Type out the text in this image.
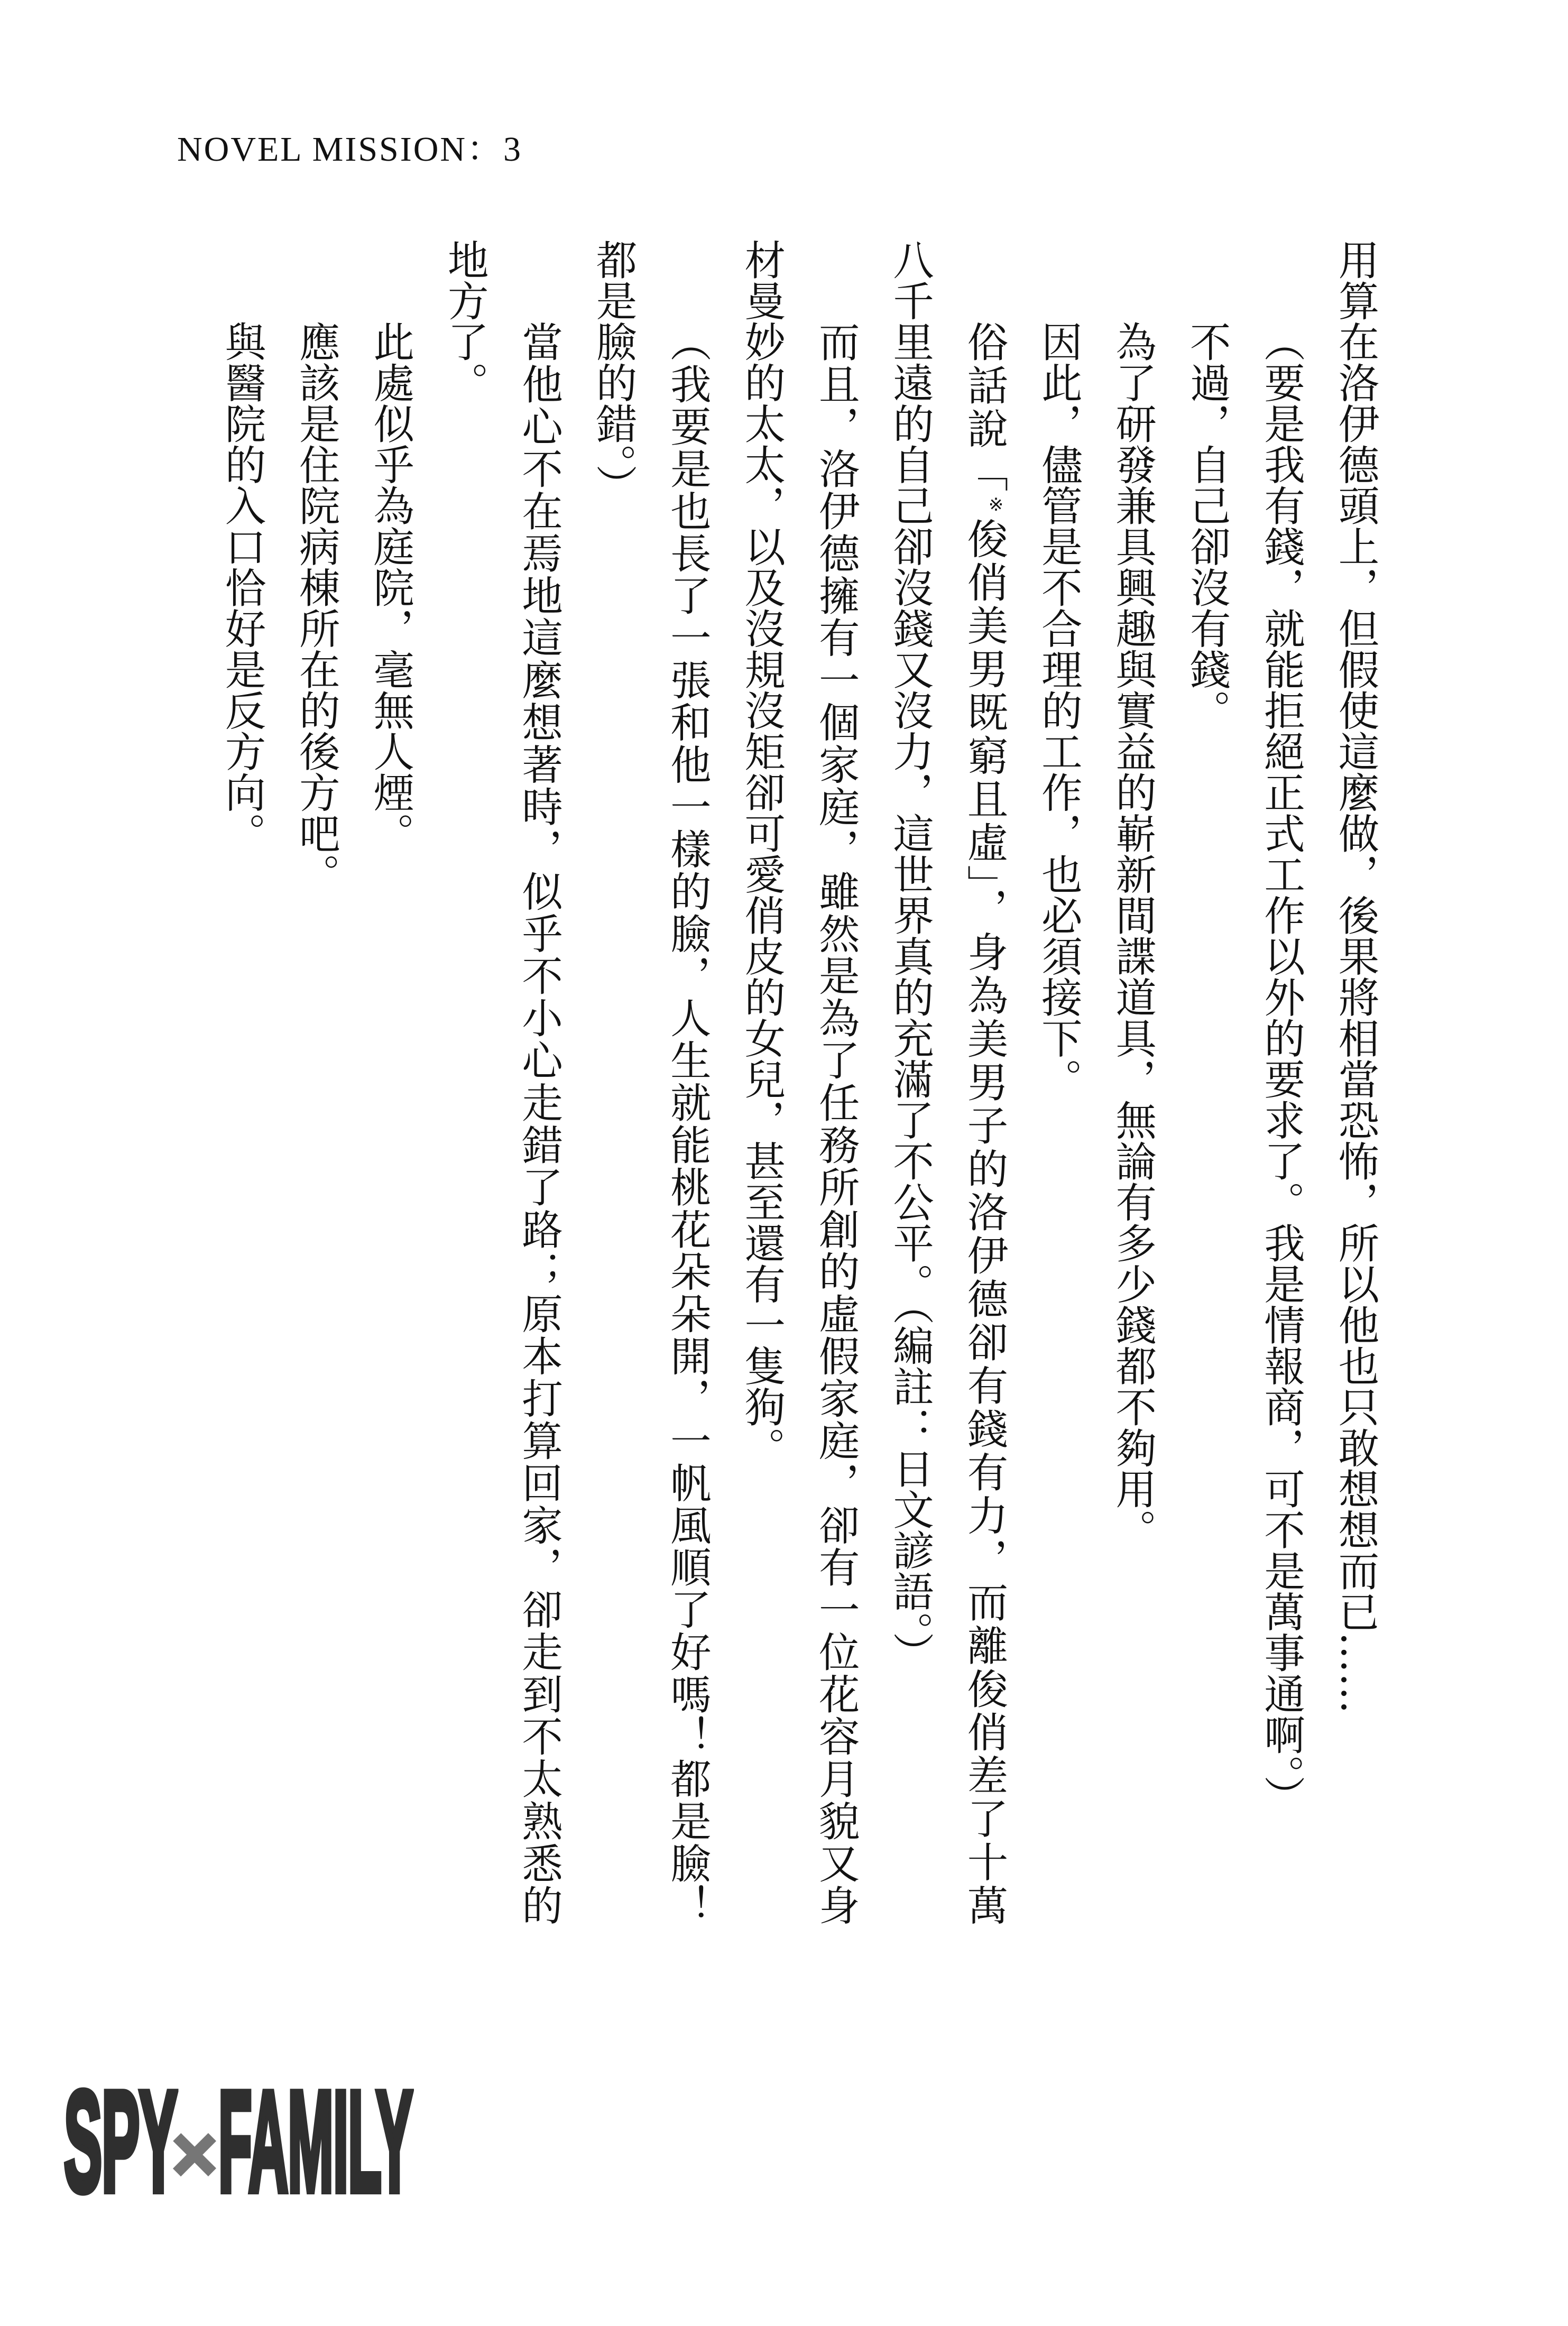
NOVEL MISSION：3
用算在洛伊德頭上，但假使這麼做，後果將相當恐怖，所以他也只敢想想而已……
（要是我有錢，就能拒絕正式工作以外的要求了。我是情報商，可不是萬事通啊。）
不過，自己卻沒有錢。
為了研發兼具興趣與實益的嶄新間諜道具，無論有多少錢都不夠用。
因此，儘管是不合理的工作，也必須接下。
俗話說「※俊俏美男既窮且虛」，身為美男子的洛伊德卻有錢有力，而離俊俏差了十萬
八千里遠的自己卻沒錢又沒力，這世界真的充滿了不公平。（編註：日文諺語。）
而且，洛伊德擁有一個家庭，雖然是為了任務所創的虛假家庭，卻有一位花容月貌又身
材曼妙的太太，以及沒規沒矩卻可愛俏皮的女兒，甚至還有一隻狗。
（我要是也長了一張和他一樣的臉，人生就能桃花朵朵開，一帆風順了好嗎！都是臉！
都是臉的錯。）
當他心不在焉地這麼想著時，似乎不小心走錯了路；原本打算回家，卻走到不太熟悉的
地方了。
此處似乎為庭院，毫無人煙。
應該是住院病棟所在的後方吧。
與醫院的入口恰好是反方向。
SPY
× FAMILY
